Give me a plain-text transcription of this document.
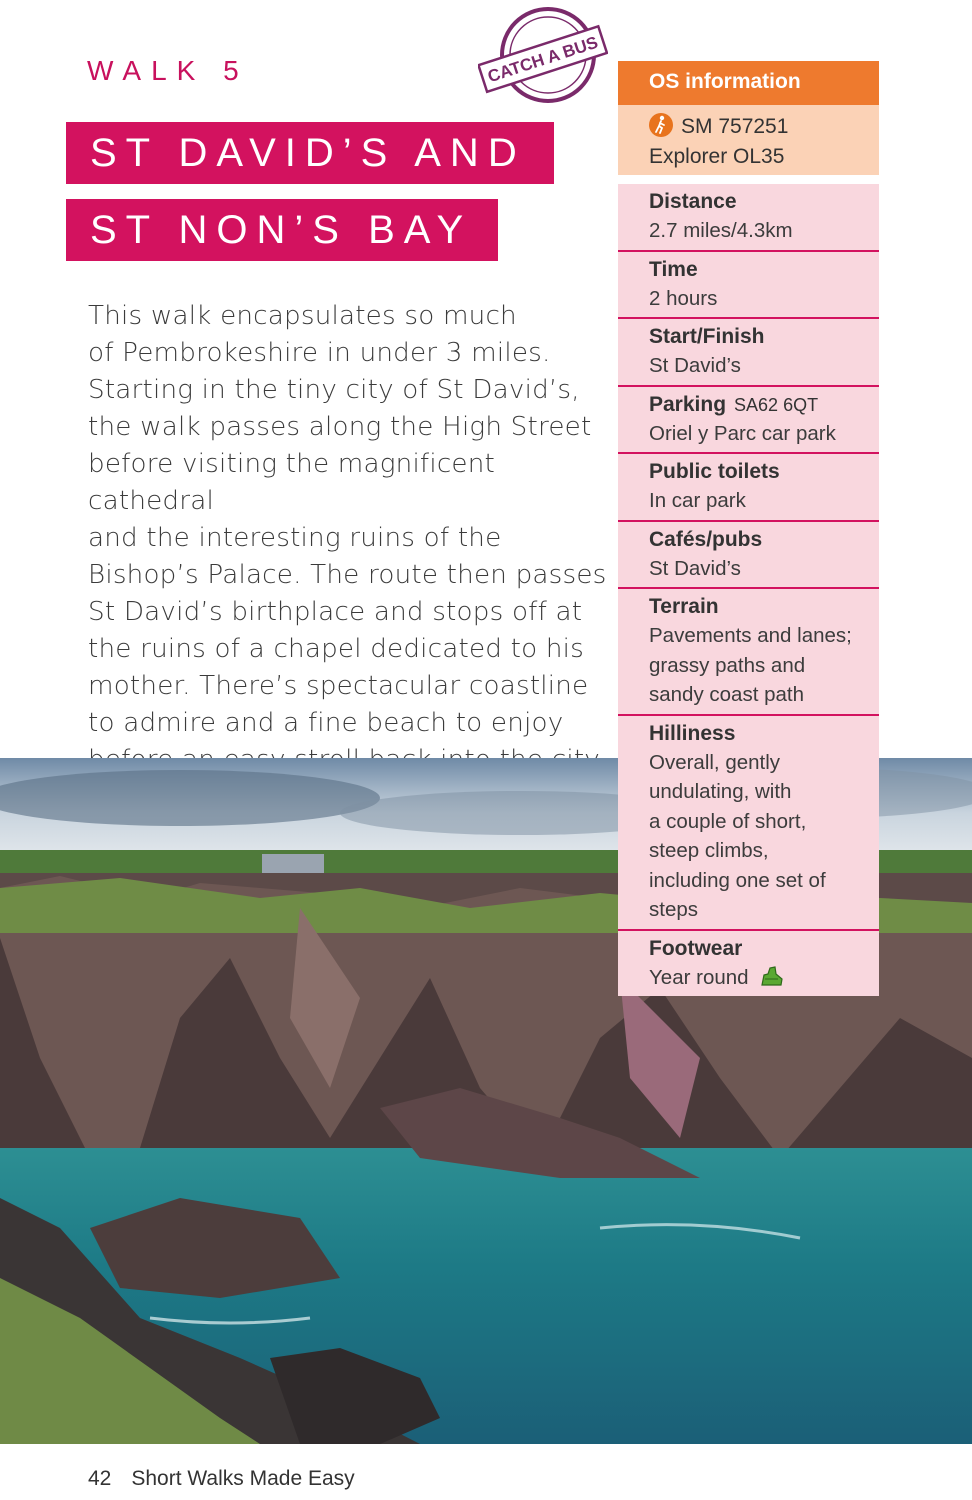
WALK 5	CATCH A BUS
ST DAVID’S AND
ST NON’S BAY
This walk encapsulates so much
of Pembrokeshire in under 3 miles.
Starting in the tiny city of St David’s,
the walk passes along the High Street
before visiting the magnificent cathedral
and the interesting ruins of the
Bishop’s Palace. The route then passes
St David’s birthplace and stops off at
the ruins of a chapel dedicated to his
mother. There’s spectacular coastline
to admire and a fine beach to enjoy
OS information
SM 757251
Explorer OL35
Distance
2.7 miles/4.3km
Time
2 hours
Start/Finish
St David’s
Parking SA62 6QT
Oriel y Parc car park
Public toilets
In car park
Cafés/pubs
St David’s
Terrain
Pavements and lanes;
grassy paths and
sandy coast path
Hilliness
Overall, gently
undulating, with
a couple of short,
steep climbs,
including one set of
steps
Footwear
Year round
42 Short Walks Made Easy
